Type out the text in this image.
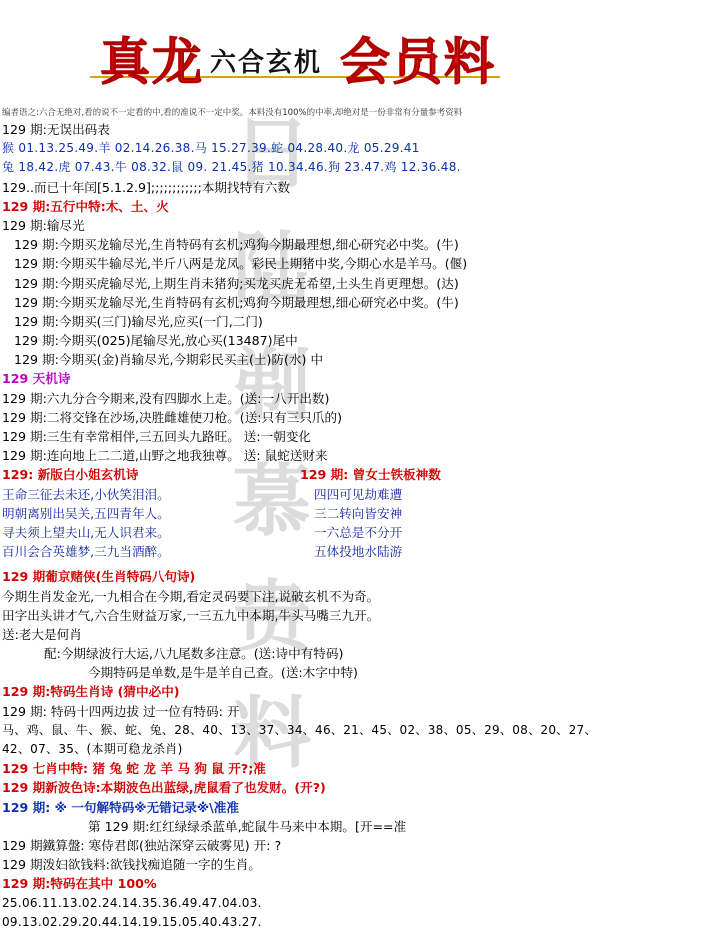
日
陆
剃
慕
贵
料
真 龙 六 合 玄 机 会 员 料
编者语之:六合无绝对,看的说不一定看的中,看的准说不一定中奖。本料没有100%的中率,却绝对是一份非常有分量参考资料
129 期:无误出码表
猴 01.13.25.49.羊 02.14.26.38.马 15.27.39.蛇 04.28.40.龙 05.29.41
兔 18.42.虎 07.43.牛 08.32.鼠 09. 21.45.猪 10.34.46.狗 23.47.鸡 12.36.48.
129..而已十年闰[5.1.2.9];;;;;;;;;;;;本期找特有六数
129 期:五行中特:木、土、火
129 期:输尽光
129 期:今期买龙输尽光,生肖特码有玄机;鸡狗今期最理想,细心研究必中奖。(牛)
129 期:今期买牛输尽光,半斤八两是龙凤。彩民上期猪中奖,今期心水是羊马。(偃)
129 期:今期买虎输尽光,上期生肖未猪狗;买龙买虎无希望,土头生肖更理想。(达)
129 期:今期买龙输尽光,生肖特码有玄机;鸡狗今期最理想,细心研究必中奖。(牛)
129 期:今期买(三门)输尽光,应买(一门,二门)
129 期:今期买(025)尾输尽光,放心买(13487)尾中
129 期:今期买(金)肖输尽光,今期彩民买主(土)防(水) 中
129 天机诗
129 期:六九分合今期来,没有四脚水上走。(送:一八开出数)
129 期:二将交锋在沙场,决胜雌雄使刀枪。(送:只有三只爪的)
129 期:三生有幸常相伴,三五回头九路旺。 送:一朝变化
129 期:连向地上二二道,山野之地我独尊。 送: 鼠蛇送财来
129: 新版白小姐玄机诗	129 期: 曾女士铁板神数
王命三征去未还,小伙笑泪泪。	四四可见劫难遭
明朝离别出吴关,五四青年人。	三二转向皆安神
寻夫须上望夫山,无人识君来。	一六总是不分开
百川会合英雄梦,三九当酒醉。	五体投地水陆游
129 期葡京赌侠(生肖特码八句诗)
今期生肖发金光,一九相合在今期,看定灵码要下注,说破玄机不为奇。
田字出头讲才气,六合生财益万家,一三五九中本期,牛头马嘴三九开。
送:老大是何肖
配:今期绿波行大运,八九尾数多注意。(送:诗中有特码)
今期特码是单数,是牛是羊自己查。(送:木字中特)
129 期:特码生肖诗 (猜中必中)
129 期: 特码十四两边拔 过一位有特码: 开
马、鸡、鼠、牛、猴、蛇、兔、28、40、13、37、34、46、21、45、02、38、05、29、08、20、27、
42、07、35、(本期可稳龙杀肖)
129 七肖中特: 猪 兔 蛇 龙 羊 马 狗 鼠 开?;准
129 期新波色诗:本期波色出蓝绿,虎鼠看了也发财。(开?)
129 期: ※ 一句解特码※无错记录※\准准
第 129 期:红红绿绿杀蓝单,蛇鼠牛马来中本期。[开==准
129 期鐵算盤: 寒侍君郎(独站深穿云破雾见) 开: ?
129 期泼妇欲钱料:欲钱找痴追随一字的生肖。
129 期:特码在其中 100%
25.06.11.13.02.24.14.35.36.49.47.04.03.
09.13.02.29.20.44.14.19.15.05.40.43.27.
